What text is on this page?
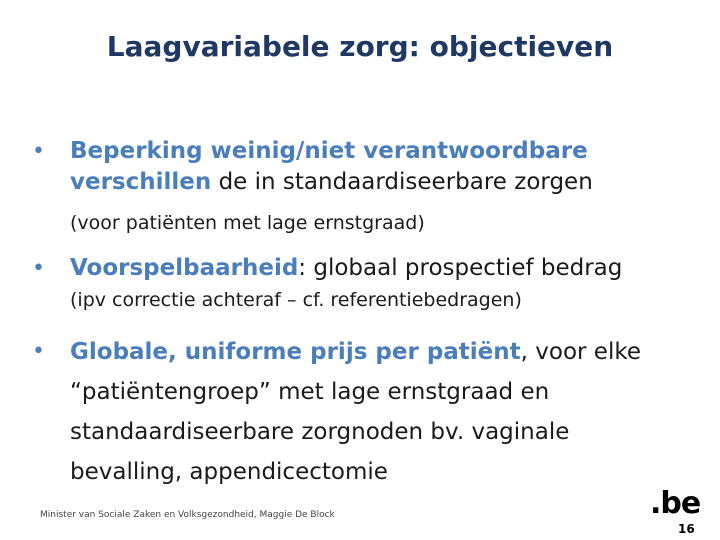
Laagvariabele zorg: objectieven
• Beperking weinig/niet verantwoordbare verschillen de in standaardiseerbare zorgen
(voor patiënten met lage ernstgraad)
• Voorspelbaarheid: globaal prospectief bedrag
(ipv correctie achteraf – cf. referentiebedragen)
• Globale, uniforme prijs per patiënt, voor elke “patiëntengroep” met lage ernstgraad en standaardiseerbare zorgnoden bv. vaginale bevalling, appendicectomie
Minister van Sociale Zaken en Volksgezondheid, Maggie De Block	.be
16
